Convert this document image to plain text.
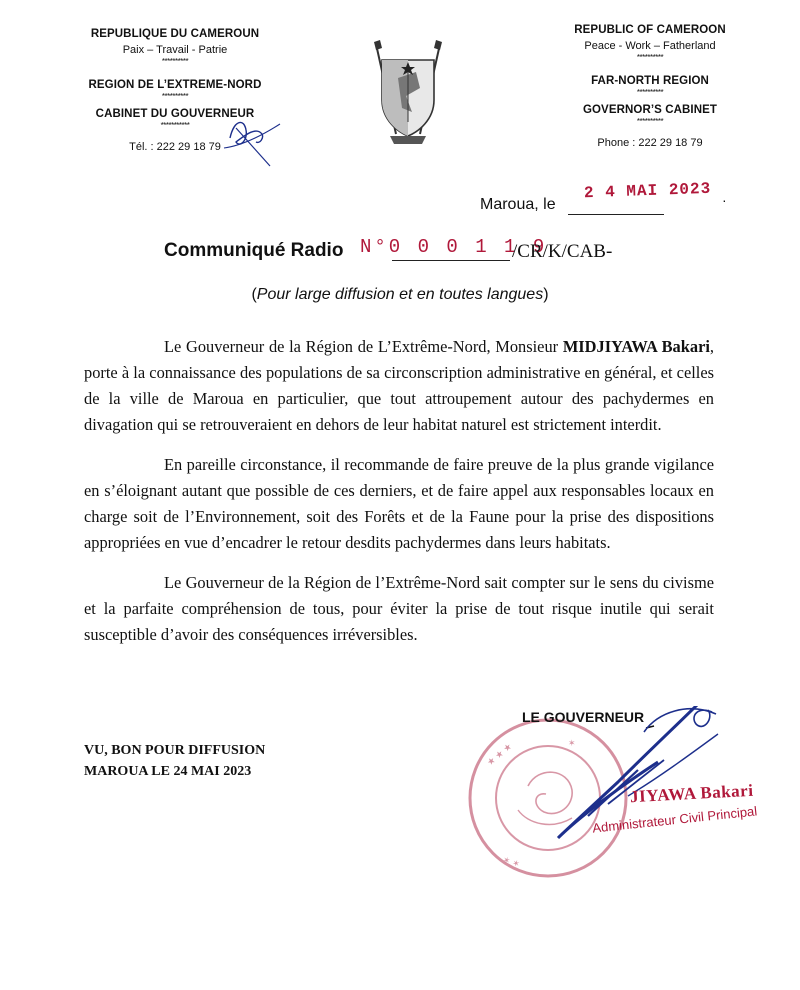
REPUBLIQUE DU CAMEROUN
Paix – Travail - Patrie
**********
REGION DE L’EXTREME-NORD
**********
CABINET DU GOUVERNEUR
***********
Tél. : 222 29 18 79
REPUBLIC OF CAMEROON
Peace - Work – Fatherland
**********
FAR-NORTH REGION
**********
GOVERNOR’S CABINET
**********
Phone : 222 29 18 79
Maroua, le
2 4 MAI 2023 ·
Communiqué Radio N°0 0 0 1 1 9
/CR/K/CAB-
(Pour large diffusion et en toutes langues)

Le Gouverneur de la Région de L’Extrême-Nord, Monsieur MIDJIYAWA Bakari, porte à la connaissance des populations de sa circonscription administrative en général, et celles de la ville de Maroua en particulier, que tout attroupement autour des pachydermes en divagation qui se retrouveraient en dehors de leur habitat naturel est strictement interdit.

En pareille circonstance, il recommande de faire preuve de la plus grande vigilance en s’éloignant autant que possible de ces derniers, et de faire appel aux responsables locaux en charge soit de l’Environnement, soit des Forêts et de la Faune pour la prise des dispositions appropriées en vue d’encadrer le retour desdits pachydermes dans leurs habitats.

Le Gouverneur de la Région de l’Extrême-Nord sait compter sur le sens du civisme et la parfaite compréhension de tous, pour éviter la prise de tout risque inutile qui serait susceptible d’avoir des conséquences irréversibles.

VU, BON POUR DIFFUSION
MAROUA LE 24 MAI 2023
★ ★ ★	✶
✶ ✶
LE GOUVERNEUR
JIYAWA Bakari
Administrateur Civil Principal
